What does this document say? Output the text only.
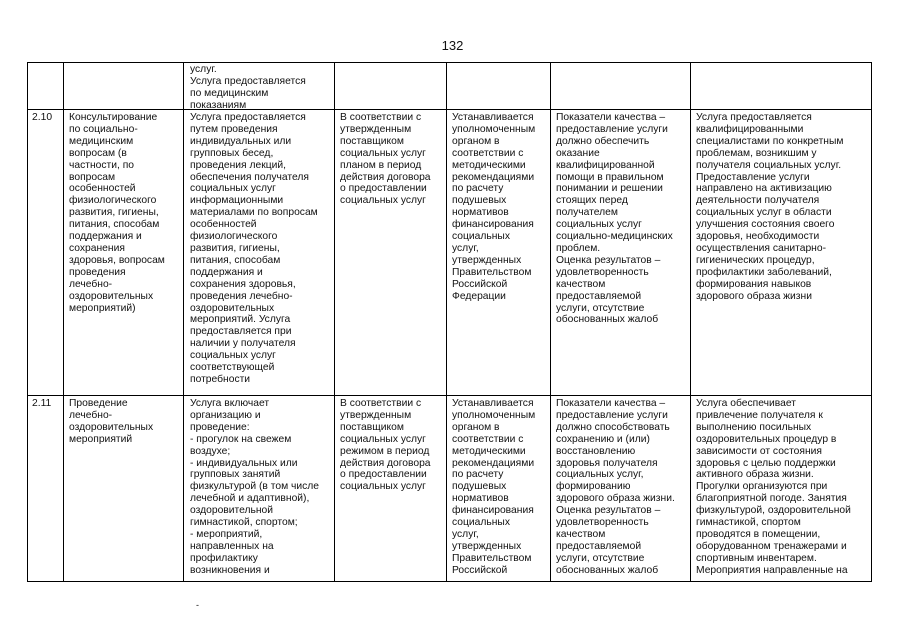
132
услуг.
Услуга предоставляется
по медицинским
показаниям
2.10	Консультирование
по социально-
медицинским
вопросам (в
частности, по
вопросам
особенностей
физиологического
развития, гигиены,
питания, способам
поддержания и
сохранения
здоровья, вопросам
проведения
лечебно-
оздоровительных
мероприятий)
Услуга предоставляется
путем проведения
индивидуальных или
групповых бесед,
проведения лекций,
обеспечения получателя
социальных услуг
информационными
материалами по вопросам
особенностей
физиологического
развития, гигиены,
питания, способам
поддержания и
сохранения здоровья,
проведения лечебно-
оздоровительных
мероприятий. Услуга
предоставляется при
наличии у получателя
социальных услуг
соответствующей
потребности
В соответствии с
утвержденным
поставщиком
социальных услуг
планом в период
действия договора
о предоставлении
социальных услуг
Устанавливается
уполномоченным
органом в
соответствии с
методическими
рекомендациями
по расчету
подушевых
нормативов
финансирования
социальных
услуг,
утвержденных
Правительством
Российской
Федерации
Показатели качества –
предоставление услуги
должно обеспечить
оказание
квалифицированной
помощи в правильном
понимании и решении
стоящих перед
получателем
социальных услуг
социально-медицинских
проблем.
Оценка результатов –
удовлетворенность
качеством
предоставляемой
услуги, отсутствие
обоснованных жалоб
Услуга предоставляется
квалифицированными
специалистами по конкретным
проблемам, возникшим у
получателя социальных услуг.
Предоставление услуги
направлено на активизацию
деятельности получателя
социальных услуг в области
улучшения состояния своего
здоровья, необходимости
осуществления санитарно-
гигиенических процедур,
профилактики заболеваний,
формирования навыков
здорового образа жизни
2.11	Проведение
лечебно-
оздоровительных
мероприятий
Услуга включает
организацию и
проведение:
- прогулок на свежем
воздухе;
- индивидуальных или
групповых занятий
физкультурой (в том числе
лечебной и адаптивной),
оздоровительной
гимнастикой, спортом;
- мероприятий,
направленных на
профилактику
возникновения и
В соответствии с
утвержденным
поставщиком
социальных услуг
режимом в период
действия договора
о предоставлении
социальных услуг
Устанавливается
уполномоченным
органом в
соответствии с
методическими
рекомендациями
по расчету
подушевых
нормативов
финансирования
социальных
услуг,
утвержденных
Правительством
Российской
Показатели качества –
предоставление услуги
должно способствовать
сохранению и (или)
восстановлению
здоровья получателя
социальных услуг,
формированию
здорового образа жизни.
Оценка результатов –
удовлетворенность
качеством
предоставляемой
услуги, отсутствие
обоснованных жалоб
Услуга обеспечивает
привлечение получателя к
выполнению посильных
оздоровительных процедур в
зависимости от состояния
здоровья с целью поддержки
активного образа жизни.
Прогулки организуются при
благоприятной погоде. Занятия
физкультурой, оздоровительной
гимнастикой, спортом
проводятся в помещении,
оборудованном тренажерами и
спортивным инвентарем.
Мероприятия направленные на
-
